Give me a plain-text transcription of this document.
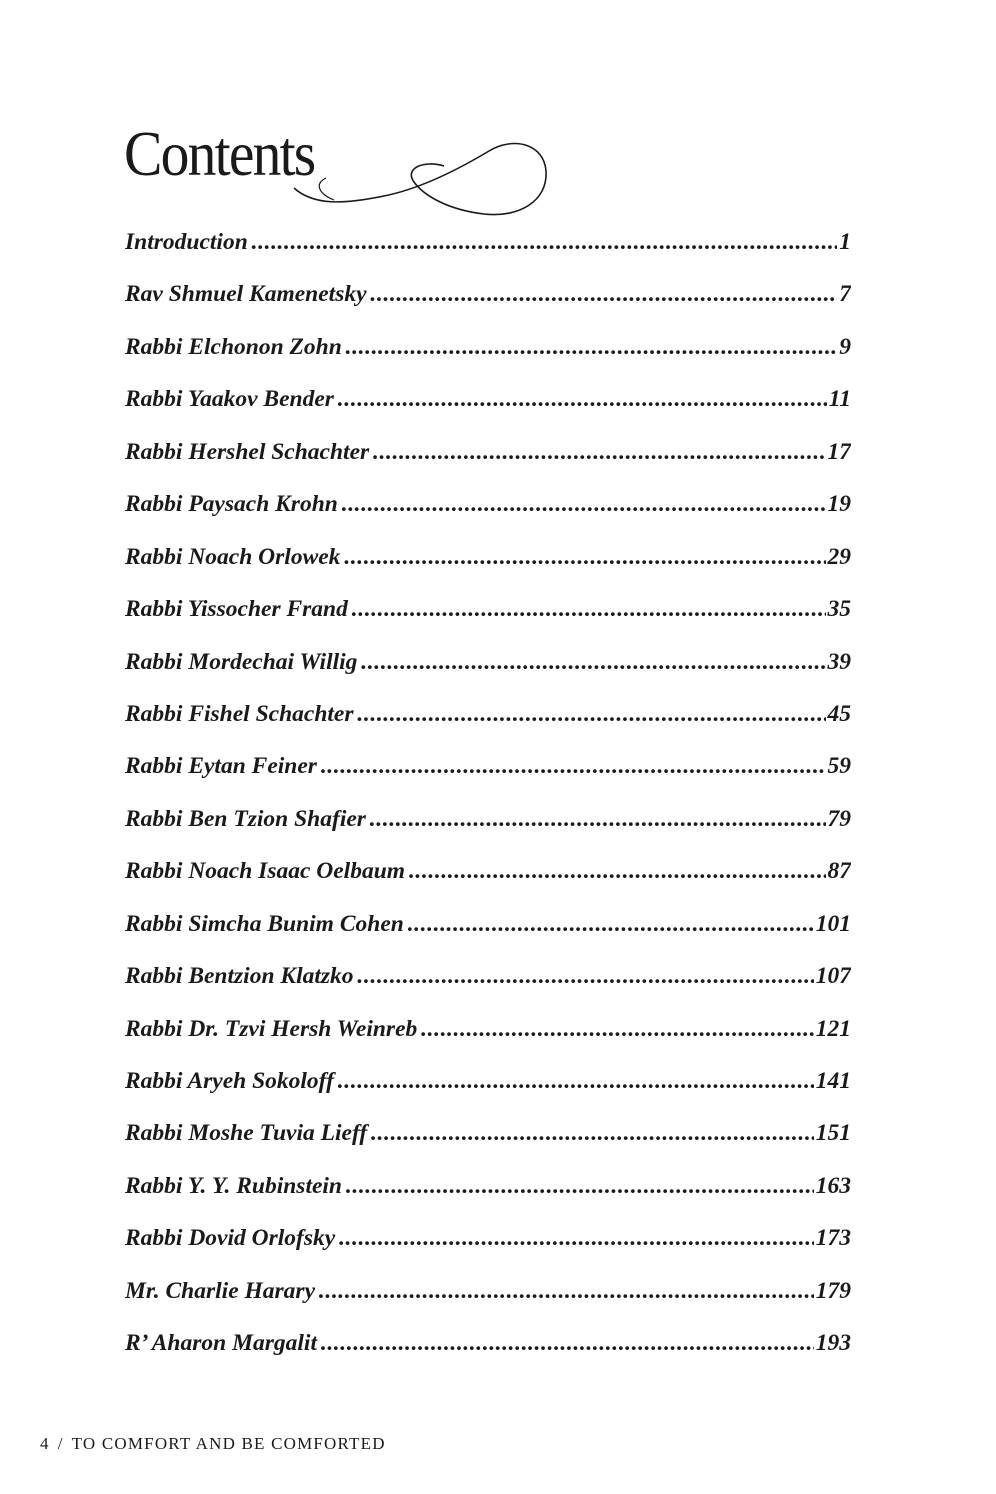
Contents
Introduction .....	1
Rav Shmuel Kamenetsky .....	7
Rabbi Elchonon Zohn .....	9
Rabbi Yaakov Bender .....	11
Rabbi Hershel Schachter .....	17
Rabbi Paysach Krohn .....	19
Rabbi Noach Orlowek .....	29
Rabbi Yissocher Frand .....	35
Rabbi Mordechai Willig .....	39
Rabbi Fishel Schachter .....	45
Rabbi Eytan Feiner .....	59
Rabbi Ben Tzion Shafier .....	79
Rabbi Noach Isaac Oelbaum .....	87
Rabbi Simcha Bunim Cohen .....	101
Rabbi Bentzion Klatzko .....	107
Rabbi Dr. Tzvi Hersh Weinreb .....	121
Rabbi Aryeh Sokoloff .....	141
Rabbi Moshe Tuvia Lieff .....	151
Rabbi Y. Y. Rubinstein .....	163
Rabbi Dovid Orlofsky .....	173
Mr. Charlie Harary .....	179
R’ Aharon Margalit .....	193
4 / TO COMFORT AND BE COMFORTED
